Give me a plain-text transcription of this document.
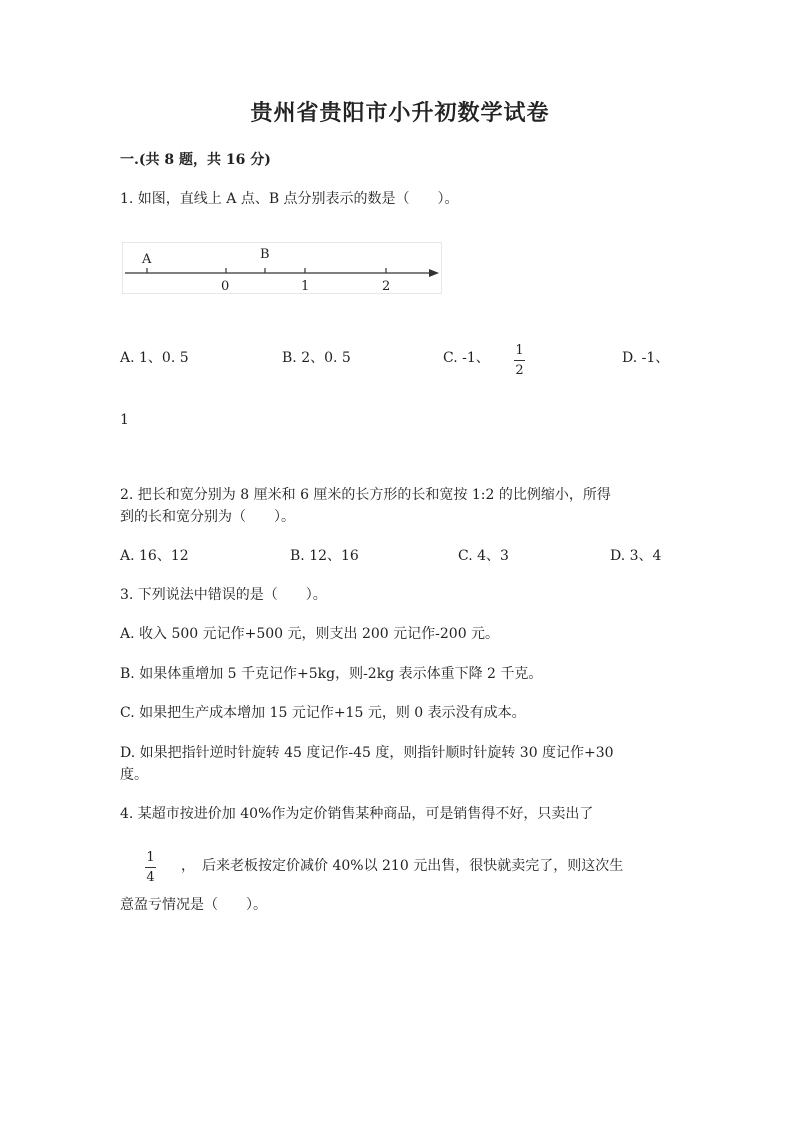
贵州省贵阳市小升初数学试卷
一.(共 8 题，共 16 分)
1. 如图，直线上 A 点、B 点分别表示的数是（　　）。
A	B
0	1	2
A. 1、0. 5	B. 2、0. 5	C. -1、 1
2
D. -1、
1
2. 把长和宽分别为 8 厘米和 6 厘米的长方形的长和宽按 1:2 的比例缩小，所得
到的长和宽分别为（　　）。
A. 16、12	B. 12、16	C. 4、3	D. 3、4
3. 下列说法中错误的是（　　）。
A. 收入 500 元记作+500 元，则支出 200 元记作-200 元。
B. 如果体重增加 5 千克记作+5kg，则-2kg 表示体重下降 2 千克。
C. 如果把生产成本增加 15 元记作+15 元，则 0 表示没有成本。
D. 如果把指针逆时针旋转 45 度记作-45 度，则指针顺时针旋转 30 度记作+30
度。
4. 某超市按进价加 40%作为定价销售某种商品，可是销售得不好，只卖出了
1
4
，　后来老板按定价减价 40%以 210 元出售，很快就卖完了，则这次生
意盈亏情况是（　　）。
